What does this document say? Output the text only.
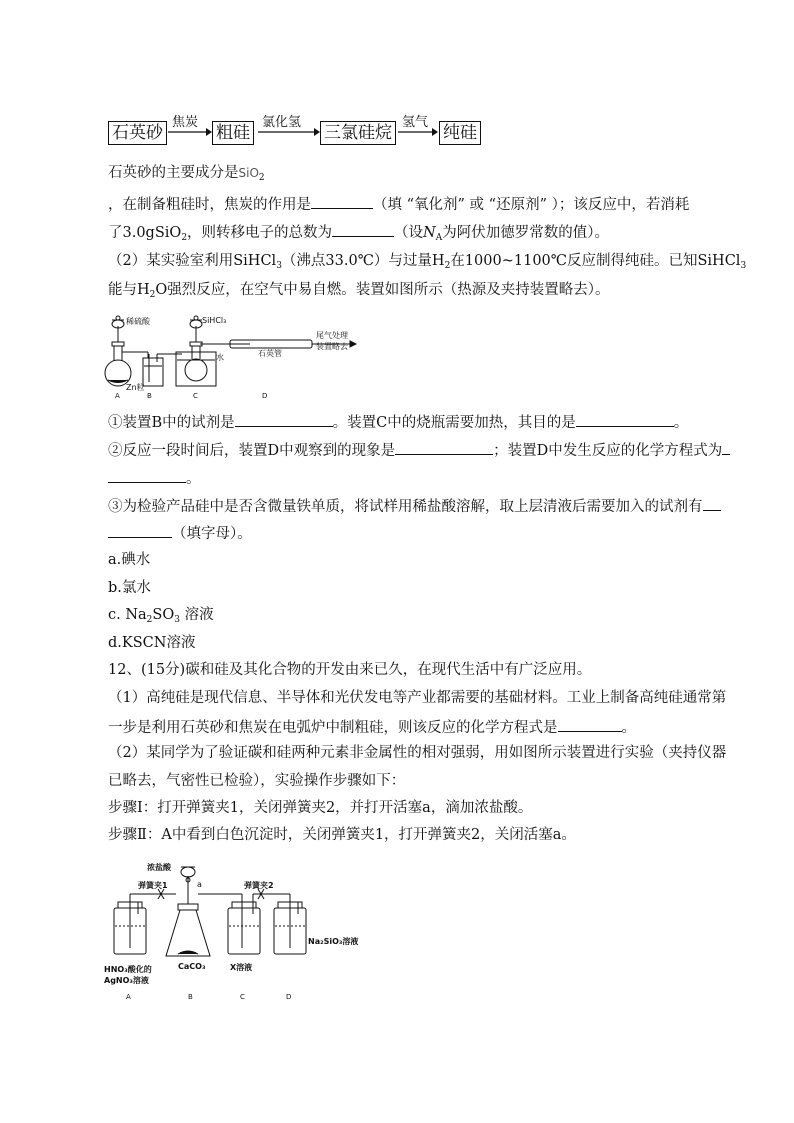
石英砂
焦炭
粗硅
氯化氢
三氯硅烷
氢气
纯硅
石英砂的主要成分是SiO$_2$
，在制备粗硅时，焦炭的作用是	（填 “氧化剂” 或 “还原剂” ）；该反应中，若消耗
了3.0gSiO$_2$，则转移电子的总数为	（设$N_A$为阿伏加德罗常数的值）。
（2）某实验室利用SiHCl$_3$（沸点33.0℃）与过量$H_2$在1000~1100℃反应制得纯硅。已知SiHCl$_3$
能与$H_2O$强烈反应，在空气中易自燃。装置如图所示（热源及夹持装置略去）。
稀硫酸	SiHCl₃
尾气处理
装置略去
石英管
Zn粒
水
A	B	C	D
①装置B中的试剂是	。装置C中的烧瓶需要加热，其目的是	。
②反应一段时间后，装置D中观察到的现象是	；装置D中发生反应的化学方程式为
。
③为检验产品硅中是否含微量铁单质，将试样用稀盐酸溶解，取上层清液后需要加入的试剂有
（填字母）。
a.碘水
b.氯水
c. $Na_2SO_3$ 溶液
d.KSCN溶液
12、(15分)碳和硅及其化合物的开发由来已久，在现代生活中有广泛应用。
（1）高纯硅是现代信息、半导体和光伏发电等产业都需要的基础材料。工业上制备高纯硅通常第
一步是利用石英砂和焦炭在电弧炉中制粗硅，则该反应的化学方程式是	。
（2）某同学为了验证碳和硅两种元素非金属性的相对强弱，用如图所示装置进行实验（夹持仪器
已略去，气密性已检验），实验操作步骤如下：
步骤Ⅰ：打开弹簧夹1，关闭弹簧夹2，并打开活塞a，滴加浓盐酸。
步骤Ⅱ：A中看到白色沉淀时，关闭弹簧夹1，打开弹簧夹2，关闭活塞a。
浓盐酸
弹簧夹1	a	弹簧夹2
Na₂SiO₃溶液
HNO₃酸化的
AgNO₃溶液
CaCO₃	X溶液
A	B	C	D
